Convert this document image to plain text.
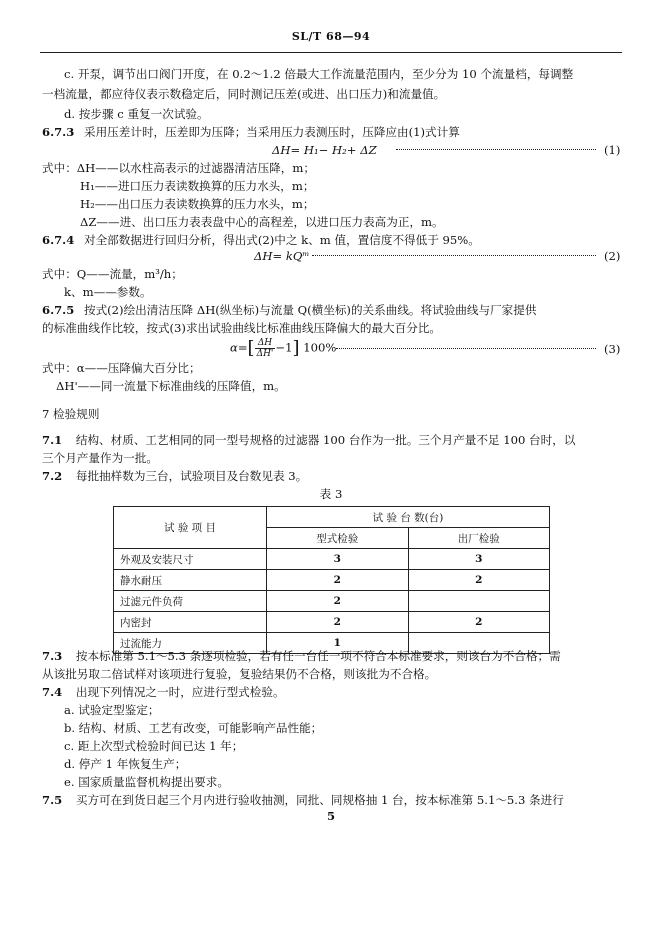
SL/T 68—94
c. 开泵，调节出口阀门开度，在 0.2～1.2 倍最大工作流量范围内，至少分为 10 个流量档，每调整
一档流量，都应待仪表示数稳定后，同时测记压差(或进、出口压力)和流量值。
d. 按步骤 c 重复一次试验。
6.7.3 采用压差计时，压差即为压降；当采用压力表测压时，压降应由(1)式计算
ΔH= H₁− H₂+ ΔZ	(1)
式中：ΔH——以水柱高表示的过滤器清洁压降，m；
H₁——进口压力表读数换算的压力水头，m；
H₂——出口压力表读数换算的压力水头，m；
ΔZ——进、出口压力表表盘中心的高程差，以进口压力表高为正，m。
6.7.4 对全部数据进行回归分析，得出式(2)中之 k、m 值，置信度不得低于 95%。
ΔH= kQᵐ	(2)
式中：Q——流量，m³/h；
k、m——参数。
6.7.5 按式(2)绘出清洁压降 ΔH(纵坐标)与流量 Q(横坐标)的关系曲线。将试验曲线与厂家提供
的标准曲线作比较，按式(3)求出试验曲线比标准曲线压降偏大的最大百分比。
$\alpha=[ \frac{\Delta H}{\Delta H'} -1]$ 100%	(3)
式中：α——压降偏大百分比；
ΔH'——同一流量下标准曲线的压降值，m。
7 检验规则
7.1 结构、材质、工艺相同的同一型号规格的过滤器 100 台作为一批。三个月产量不足 100 台时，以
三个月产量作为一批。
7.2 每批抽样数为三台，试验项目及台数见表 3。
表 3
试 验 项 目	试 验 台 数(台)	
	型式检验	出厂检验
外观及安装尺寸	3	3
静水耐压	2	2
过滤元件负荷	2	
内密封	2	2
过流能力	1	
7.3 按本标准第 5.1～5.3 条逐项检验，若有任一台任一项不符合本标准要求，则该台为不合格；需
从该批另取二倍试样对该项进行复验，复验结果仍不合格，则该批为不合格。
7.4 出现下列情况之一时，应进行型式检验。
a. 试验定型鉴定；
b. 结构、材质、工艺有改变，可能影响产品性能；
c. 距上次型式检验时间已达 1 年；
d. 停产 1 年恢复生产；
e. 国家质量监督机构提出要求。
7.5 买方可在到货日起三个月内进行验收抽测，同批、同规格抽 1 台，按本标准第 5.1～5.3 条进行
5
